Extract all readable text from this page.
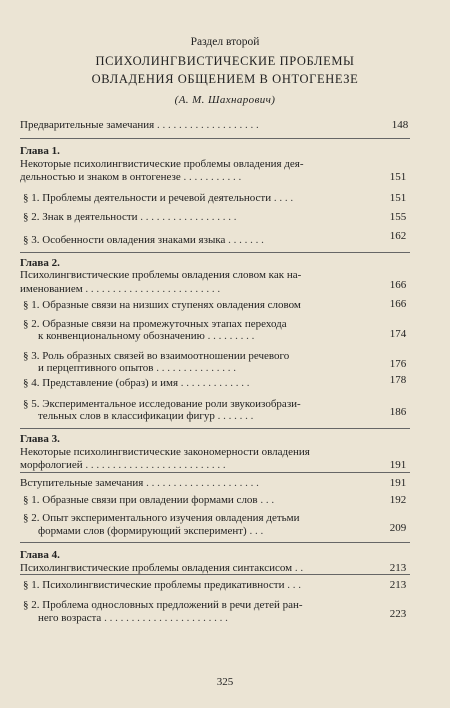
Раздел второй
ПСИХОЛИНГВИСТИЧЕСКИЕ ПРОБЛЕМЫ
ОВЛАДЕНИЯ ОБЩЕНИЕМ В ОНТОГЕНЕЗЕ
(А. М. Шахнарович)
Предварительные замечания . . . . . . . . . . . . . . . . . . .	148
Глава 1.
Некоторые психолингвистические проблемы овладения дея-
дельностью и знаком в онтогенезе . . . . . . . . . . .	151
§ 1. Проблемы деятельности и речевой деятельности . . . .	151
§ 2. Знак в деятельности . . . . . . . . . . . . . . . . . .	155
§ 3. Особенности овладения знаками языка . . . . . . .	162
Глава 2.
Психолингвистические проблемы овладения словом как на-
именованием . . . . . . . . . . . . . . . . . . . . . . . . .	166
§ 1. Образные связи на низших ступенях овладения словом	166
§ 2. Образные связи на промежуточных этапах перехода
к конвенциональному обозначению . . . . . . . . .	174
§ 3. Роль образных связей во взаимоотношении речевого
и перцептивного опытов . . . . . . . . . . . . . . .	176
§ 4. Представление (образ) и имя . . . . . . . . . . . . .	178
§ 5. Экспериментальное исследование роли звукоизобрази-
тельных слов в классификации фигур . . . . . . .	186
Глава 3.
Некоторые психолингвистические закономерности овладения
морфологией . . . . . . . . . . . . . . . . . . . . . . . . . .	191
Вступительные замечания . . . . . . . . . . . . . . . . . . . . .	191
§ 1. Образные связи при овладении формами слов . . .	192
§ 2. Опыт экспериментального изучения овладения детьми
формами слов (формирующий эксперимент) . . .	209
Глава 4.
Психолингвистические проблемы овладения синтаксисом . .	213
§ 1. Психолингвистические проблемы предикативности . . .	213
§ 2. Проблема однословных предложений в речи детей ран-
него возраста . . . . . . . . . . . . . . . . . . . . . . .	223
325
